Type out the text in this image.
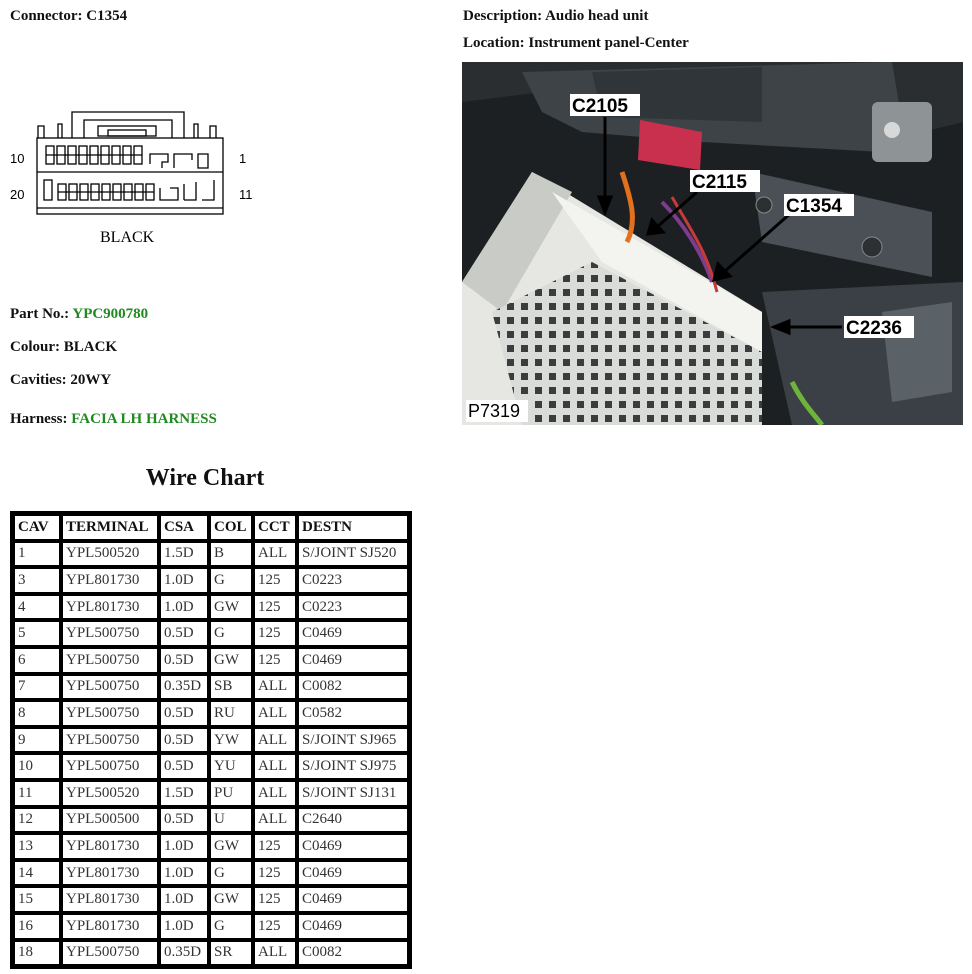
Connector: C1354	Description: Audio head unit
Location: Instrument panel-Center
10	1
20	11
BLACK
Part No.: YPC900780
Colour: BLACK
Cavities: 20WY
Harness: FACIA LH HARNESS
C2105
C2115
C1354
C2236
P7319
Wire Chart
CAV	TERMINAL	CSA	COL	CCT	DESTN
1	YPL500520	1.5D	B	ALL	S/JOINT SJ520
3	YPL801730	1.0D	G	125	C0223
4	YPL801730	1.0D	GW	125	C0223
5	YPL500750	0.5D	G	125	C0469
6	YPL500750	0.5D	GW	125	C0469
7	YPL500750	0.35D	SB	ALL	C0082
8	YPL500750	0.5D	RU	ALL	C0582
9	YPL500750	0.5D	YW	ALL	S/JOINT SJ965
10	YPL500750	0.5D	YU	ALL	S/JOINT SJ975
11	YPL500520	1.5D	PU	ALL	S/JOINT SJ131
12	YPL500500	0.5D	U	ALL	C2640
13	YPL801730	1.0D	GW	125	C0469
14	YPL801730	1.0D	G	125	C0469
15	YPL801730	1.0D	GW	125	C0469
16	YPL801730	1.0D	G	125	C0469
18	YPL500750	0.35D	SR	ALL	C0082
